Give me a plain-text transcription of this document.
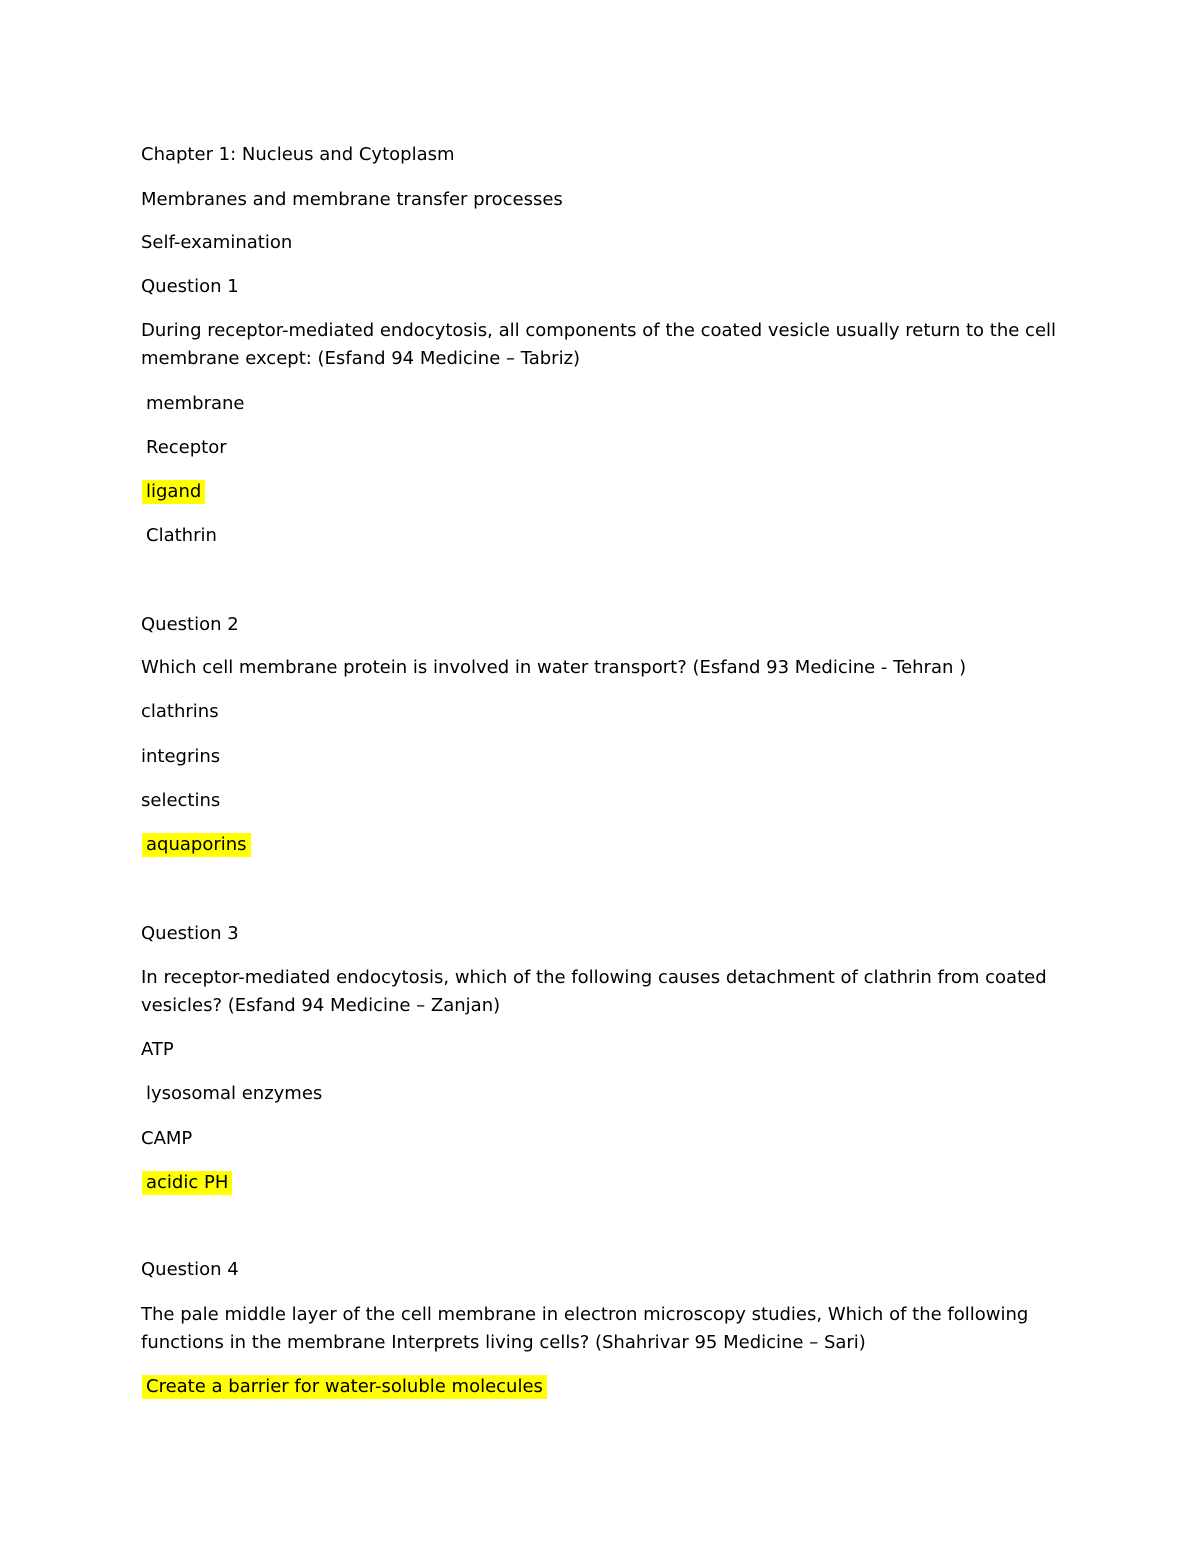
Chapter 1: Nucleus and Cytoplasm
Membranes and membrane transfer processes
Self-examination
Question 1
During receptor-mediated endocytosis, all components of the coated vesicle usually return to the cell
membrane except: (Esfand 94 Medicine – Tabriz)
membrane
Receptor
ligand
Clathrin
Question 2
Which cell membrane protein is involved in water transport? (Esfand 93 Medicine - Tehran )
clathrins
integrins
selectins
aquaporins
Question 3
In receptor-mediated endocytosis, which of the following causes detachment of clathrin from coated
vesicles? (Esfand 94 Medicine – Zanjan)
ATP
lysosomal enzymes
CAMP
acidic PH
Question 4
The pale middle layer of the cell membrane in electron microscopy studies, Which of the following
functions in the membrane Interprets living cells? (Shahrivar 95 Medicine – Sari)
Create a barrier for water-soluble molecules
